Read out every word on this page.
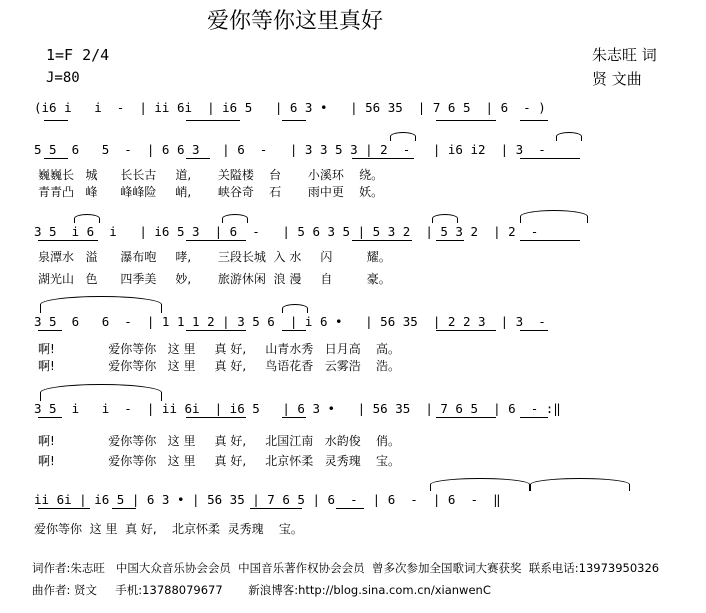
爱你等你这里真好
1=F 2/4
J=80
朱志旺 词
贤 文曲
(i6 i   i  -  | ii 6i  | i6 5   | 6 3 •   | 56 35  | 7 6 5  | 6  - )
5 5  6   5  -  | 6 6 3   | 6  -   | 3 3 5 3 | 2  -   | i6 i2  | 3  -
巍巍长   城      长长古     道,       关隘楼    台       小溪环    绕。
青青凸   峰      峰峰险     峭,       峡谷奇    石       雨中更    妖。
3 5  i 6  i   | i6 5 3  | 6  -   | 5 6 3 5 | 5 3 2  | 5 3 2  | 2  -
泉潭水   溢      瀑布咆     哮,       三段长城  入 水     闪         耀。
湖光山   色      四季美     妙,       旅游休闲  浪 漫     自         豪。
3 5  6   6  -  | 1 1 1 2 | 3 5 6  | i 6 •   | 56 35  | 2 2 3  | 3  -
啊!              爱你等你   这 里     真 好,     山青水秀   日月高    高。
啊!              爱你等你   这 里     真 好,     鸟语花香   云雾浩    浩。
3 5  i   i  -  | ii 6i  | i6 5   | 6 3 •   | 56 35  | 7 6 5  | 6  - :‖
啊!              爱你等你   这 里     真 好,     北国江南   水韵俊    俏。
啊!              爱你等你   这 里     真 好,     北京怀柔   灵秀瑰    宝。
ii 6i | i6 5 | 6 3 • | 56 35 | 7 6 5 | 6  -  | 6  -  | 6  -  ‖
爱你等你  这 里  真 好,    北京怀柔  灵秀瑰    宝。
词作者:朱志旺   中国大众音乐协会会员  中国音乐著作权协会会员  曾多次参加全国歌词大赛获奖  联系电话:13973950326
曲作者: 贤文     手机:13788079677       新浪博客:http://blog.sina.com.cn/xianwenC
